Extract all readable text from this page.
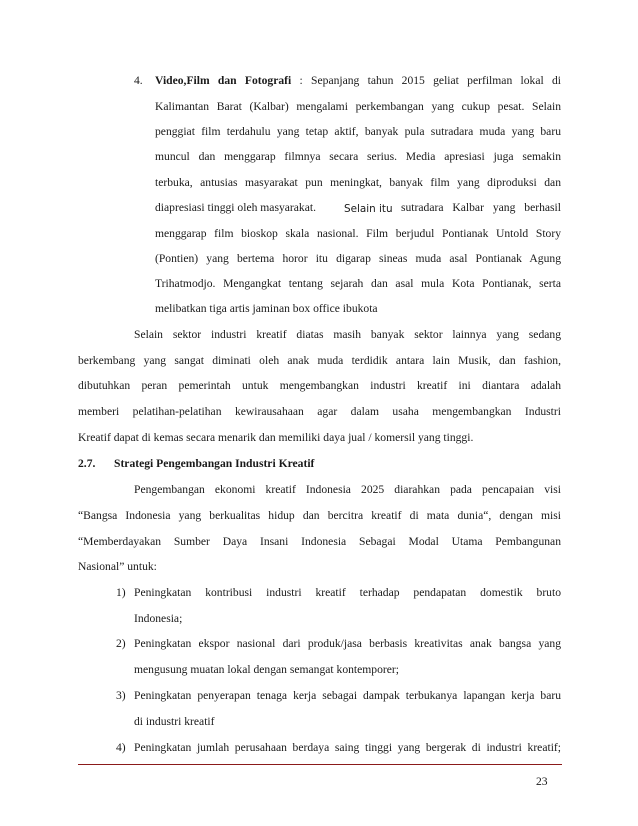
4. Video,Film dan Fotografi : Sepanjang tahun 2015 geliat perfilman lokal di
Kalimantan Barat (Kalbar) mengalami perkembangan yang cukup pesat. Selain
penggiat film terdahulu yang tetap aktif, banyak pula sutradara muda yang baru
muncul dan menggarap filmnya secara serius. Media apresiasi juga semakin
terbuka, antusias masyarakat pun meningkat, banyak film yang diproduksi dan
diapresiasi tinggi oleh masyarakat.	Selain itu sutradara Kalbar yang berhasil
menggarap film bioskop skala nasional. Film berjudul Pontianak Untold Story
(Pontien) yang bertema horor itu digarap sineas muda asal Pontianak Agung
Trihatmodjo. Mengangkat tentang sejarah dan asal mula Kota Pontianak, serta
melibatkan tiga artis jaminan box office ibukota
Selain sektor industri kreatif diatas masih banyak sektor lainnya yang sedang
berkembang yang sangat diminati oleh anak muda terdidik antara lain Musik, dan fashion,
dibutuhkan peran pemerintah untuk mengembangkan industri kreatif ini diantara adalah
memberi pelatihan-pelatihan kewirausahaan agar dalam usaha mengembangkan Industri
Kreatif dapat di kemas secara menarik dan memiliki daya jual / komersil yang tinggi.
2.7. Strategi Pengembangan Industri Kreatif
Pengembangan ekonomi kreatif Indonesia 2025 diarahkan pada pencapaian visi
“Bangsa Indonesia yang berkualitas hidup dan bercitra kreatif di mata dunia“, dengan misi
“Memberdayakan Sumber Daya Insani Indonesia Sebagai Modal Utama Pembangunan
Nasional” untuk:
1) Peningkatan kontribusi industri kreatif terhadap pendapatan domestik bruto
Indonesia;
2) Peningkatan ekspor nasional dari produk/jasa berbasis kreativitas anak bangsa yang
mengusung muatan lokal dengan semangat kontemporer;
3) Peningkatan penyerapan tenaga kerja sebagai dampak terbukanya lapangan kerja baru
di industri kreatif
4) Peningkatan jumlah perusahaan berdaya saing tinggi yang bergerak di industri kreatif;
23
